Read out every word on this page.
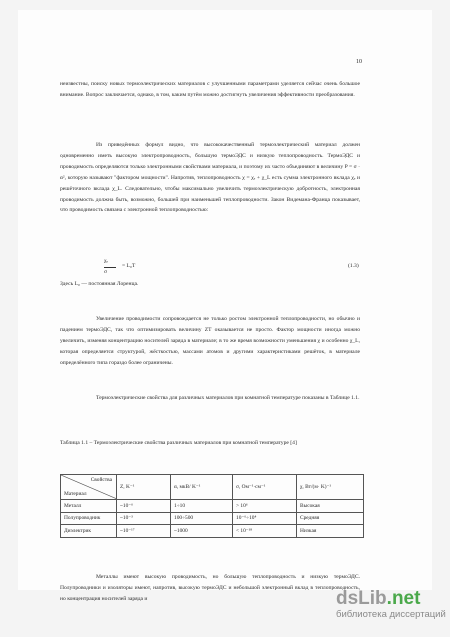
10

неизвестны, поиску новых термоэлектрических материалов с улучшенными параметрами уделяется сейчас очень большое внимание. Вопрос заключается, однако, в том, каким путём можно достигнуть увеличения эффективности преобразования.

Из приведённых формул видно, что высококачественный термоэлектрический материал должен одновременно иметь высокую электропроводность, большую термоЭДС и низкую теплопроводность. ТермоЭДС и проводимость определяются только электронными свойствами материала, и поэтому их часто объединяют в величину P = σ · α², которую называют "фактором мощности". Напротив, теплопроводность χ = χₑ + χ_L есть сумма электронного вклада χₑ и решёточного вклада χ_L. Следовательно, чтобы максимально увеличить термоэлектрическую добротность, электронная проводимость должна быть, возможно, большей при наименьшей теплопроводности. Закон Видемана-Франца показывает, что проводимость связана с электронной теплопроводностью:

χₑ
σ
= L₀T	(1.3)

Здесь L₀ — постоянная Лоренца.

Увеличение проводимости сопровождается не только ростом электронной теплопроводности, но обычно и падением термоЭДС, так что оптимизировать величину ZT оказывается не просто. Фактор мощности иногда можно увеличить, изменяя концентрацию носителей заряда в материале; в то же время возможности уменьшения χ и особенно χ_L, которая определяется структурой, жёсткостью, массами атомов и другими характеристиками решёток, в материале определённого типа гораздо более ограничены.

Термоэлектрические свойства для различных материалов при комнатной температуре показаны в Таблице 1.1.

Таблица 1.1 – Термоэлектрические свойства различных материалов при комнатной температуре [4]

Свойства
Материал	Z, K⁻¹	α, мкВ/ K⁻¹	σ, Ом⁻¹·см⁻¹	χ, Вт/(м· K)⁻¹
Металл	~10⁻⁶	1÷10	> 10⁶	Высокая
Полупроводник	~10⁻³	100÷500	10⁻⁶÷10⁴	Средняя
Диэлектрик	~10⁻¹⁷	~1000	< 10⁻¹⁸	Низкая

Металлы имеют высокую проводимость, но большую теплопроводность и низкую термоЭДС. Полупроводники и изоляторы имеют, напротив, высокую термоЭДС и небольшой электронный вклад в теплопроводность, но концентрация носителей заряда и	dsLib.net
библиотека диссертаций
